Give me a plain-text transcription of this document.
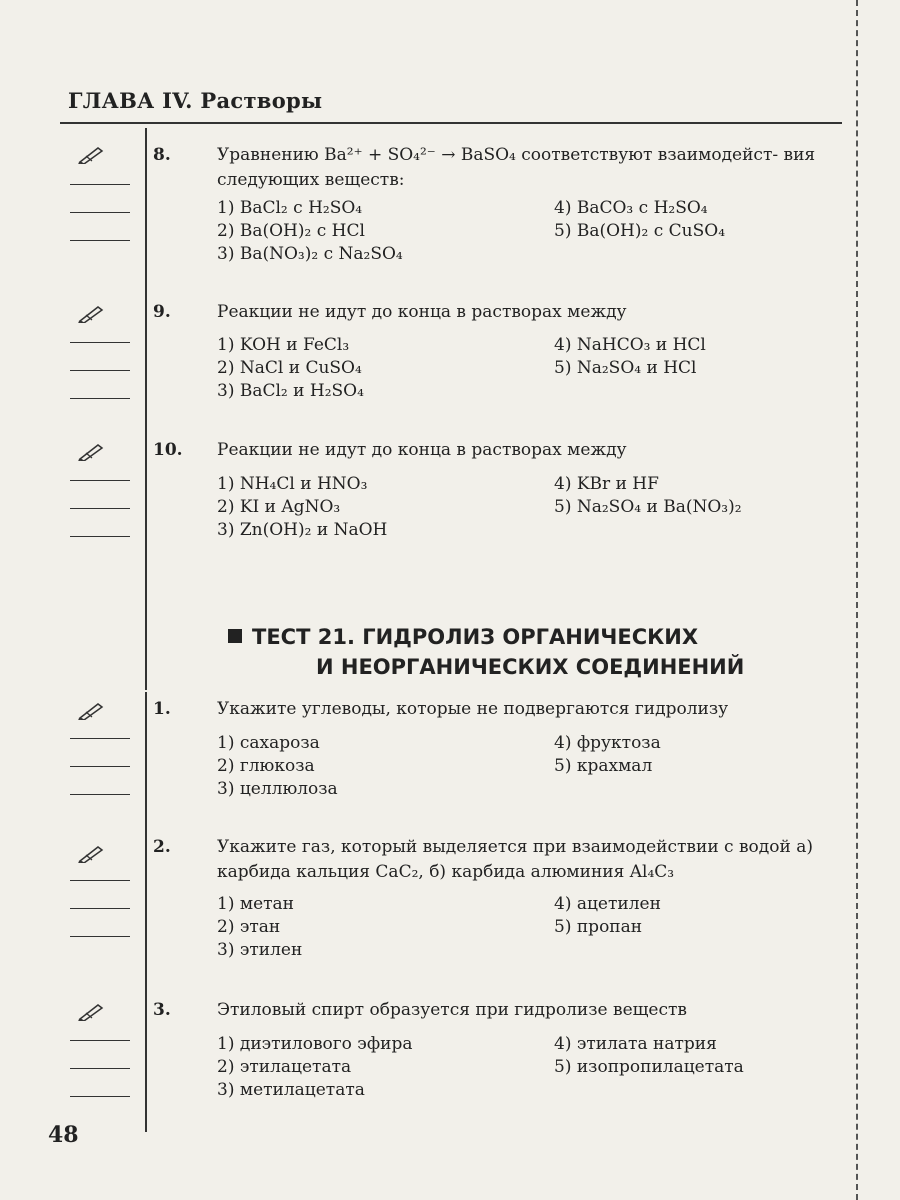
ГЛАВА IV. Растворы
8.	Уравнению Ba²⁺ + SO₄²⁻ → BaSO₄ соответствуют взаимодейст- вия следующих веществ:
1) BaCl₂ с H₂SO₄
2) Ba(OH)₂ с HCl
3) Ba(NO₃)₂ с Na₂SO₄
4) BaCO₃ с H₂SO₄
5) Ba(OH)₂ с CuSO₄
9.	Реакции не идут до конца в растворах между
1) KOH и FeCl₃
2) NaCl и CuSO₄
3) BaCl₂ и H₂SO₄
4) NaHCO₃ и HCl
5) Na₂SO₄ и HCl
10. Реакции не идут до конца в растворах между
1) NH₄Cl и HNO₃
2) KI и AgNO₃
3) Zn(OH)₂ и NaOH
4) KBr и HF
5) Na₂SO₄ и Ba(NO₃)₂
ТЕСТ 21. ГИДРОЛИЗ ОРГАНИЧЕСКИХ
И НЕОРГАНИЧЕСКИХ СОЕДИНЕНИЙ
1.	Укажите углеводы, которые не подвергаются гидролизу
1) сахароза
2) глюкоза
3) целлюлоза
4) фруктоза
5) крахмал
2.	Укажите газ, который выделяется при взаимодействии с водой а) карбида кальция CaC₂, б) карбида алюминия Al₄C₃
1) метан
2) этан
3) этилен
4) ацетилен
5) пропан
3.	Этиловый спирт образуется при гидролизе веществ
1) диэтилового эфира
2) этилацетата
3) метилацетата
4) этилата натрия
5) изопропилацетата
48
